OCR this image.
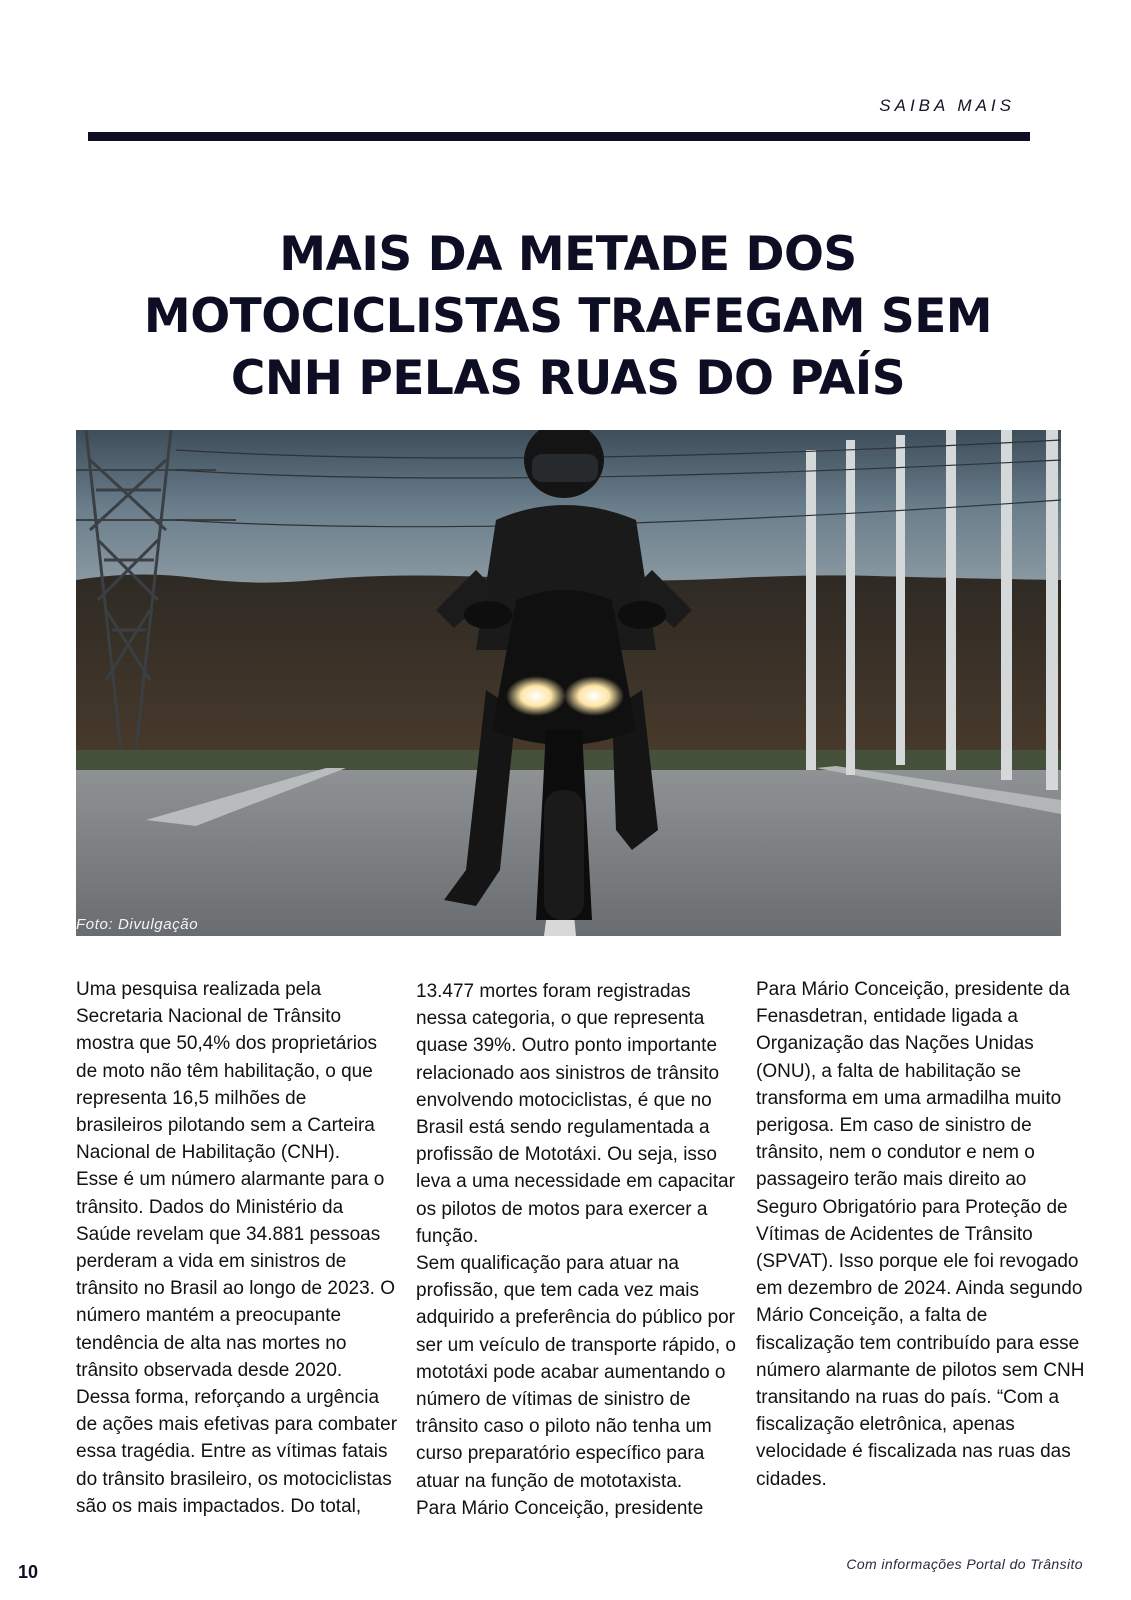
SAIBA MAIS
MAIS DA METADE DOS
MOTOCICLISTAS TRAFEGAM SEM
CNH PELAS RUAS DO PAÍS
Foto: Divulgação

Uma pesquisa realizada pela Secretaria Nacional de Trânsito mostra que 50,4% dos proprietários de moto não têm habilitação, o que representa 16,5 milhões de brasileiros pilotando sem a Carteira Nacional de Habilitação (CNH).

Esse é um número alarmante para o trânsito. Dados do Ministério da Saúde revelam que 34.881 pessoas perderam a vida em sinistros de trânsito no Brasil ao longo de 2023. O número mantém a preocupante tendência de alta nas mortes no trânsito observada desde 2020. Dessa forma, reforçando a urgência de ações mais efetivas para combater essa tragédia. Entre as vítimas fatais do trânsito brasileiro, os motociclistas são os mais impactados. Do total,

13.477 mortes foram registradas nessa categoria, o que representa quase 39%. Outro ponto importante relacionado aos sinistros de trânsito envolvendo motociclistas, é que no Brasil está sendo regulamentada a profissão de Mototáxi. Ou seja, isso leva a uma necessidade em capacitar os pilotos de motos para exercer a função.

Sem qualificação para atuar na profissão, que tem cada vez mais adquirido a preferência do público por ser um veículo de transporte rápido, o mototáxi pode acabar aumentando o número de vítimas de sinistro de trânsito caso o piloto não tenha um curso preparatório específico para atuar na função de mototaxista.

Para Mário Conceição, presidente

Para Mário Conceição, presidente da Fenasdetran, entidade ligada a Organização das Nações Unidas (ONU), a falta de habilitação se transforma em uma armadilha muito perigosa. Em caso de sinistro de trânsito, nem o condutor e nem o passageiro terão mais direito ao Seguro Obrigatório para Proteção de Vítimas de Acidentes de Trânsito (SPVAT). Isso porque ele foi revogado em dezembro de 2024. Ainda segundo Mário Conceição, a falta de fiscalização tem contribuído para esse número alarmante de pilotos sem CNH transitando na ruas do país. “Com a fiscalização eletrônica, apenas velocidade é fiscalizada nas ruas das cidades.

Com informações Portal do Trânsito
10
